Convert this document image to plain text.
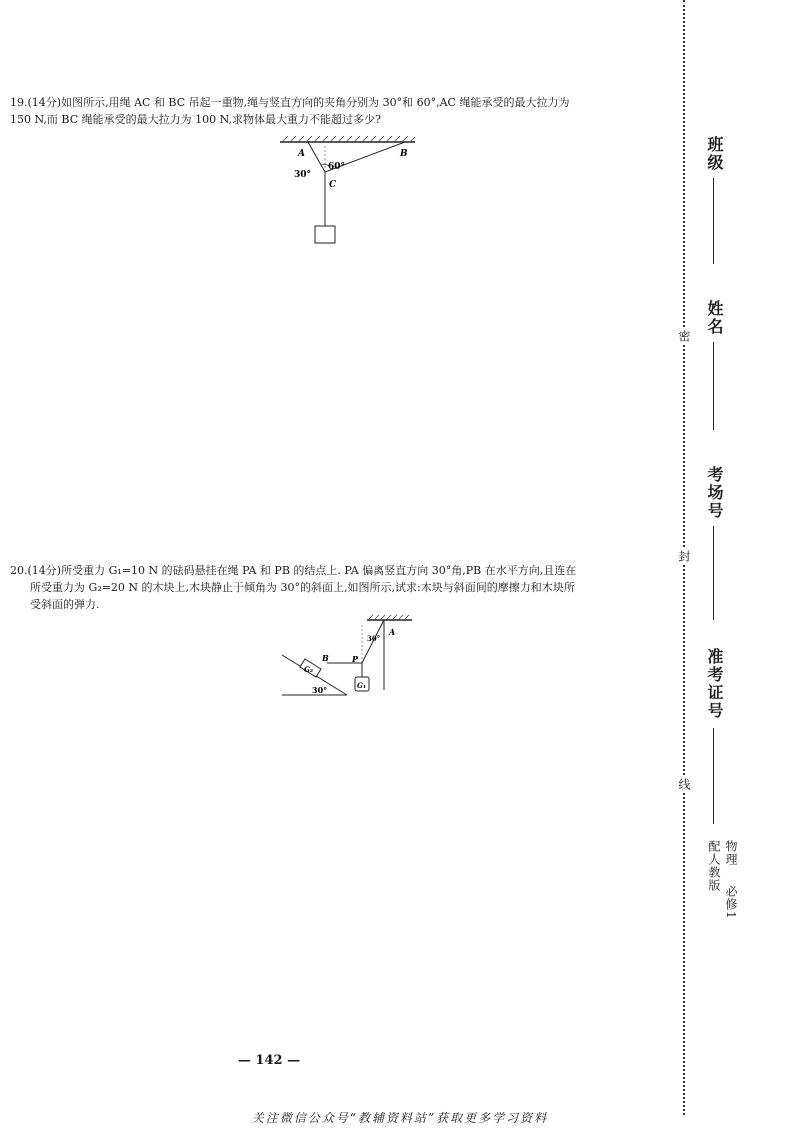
19.(14分)如图所示,用绳 AC 和 BC 吊起一重物,绳与竖直方向的夹角分别为 30°和 60°,AC 绳能承受的最大拉力为
150 N,而 BC 绳能承受的最大拉力为 100 N,求物体最大重力不能超过多少?
A	B
C
30°
60°
20.(14分)所受重力 G₁=10 N 的砝码悬挂在绳 PA 和 PB 的结点上. PA 偏离竖直方向 30°角,PB 在水平方向,且连在
所受重力为 G₂=20 N 的木块上,木块静止于倾角为 30°的斜面上,如图所示,试求:木块与斜面间的摩擦力和木块所
受斜面的弹力.
A
B	P
G₁
G₂
30°
30°
— 142 —
关注微信公众号“教辅资料站”获取更多学习资料
班级
姓名
考场号
准考证号
密
封
线
物理 必修1 配人教版
